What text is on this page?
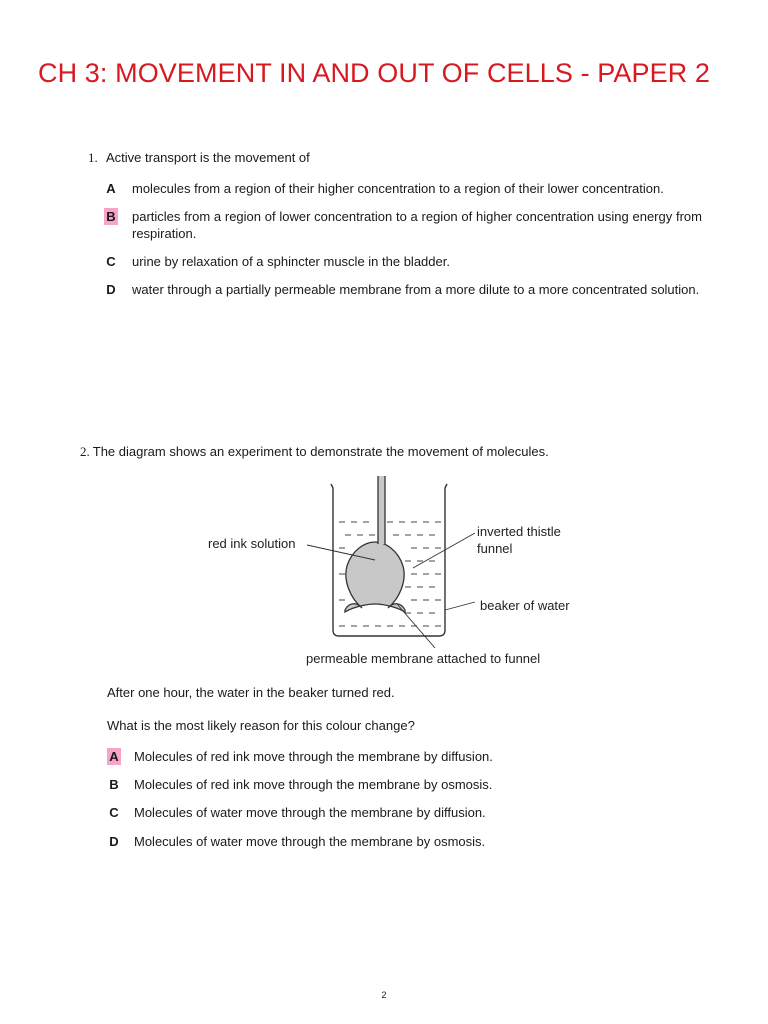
CH 3: MOVEMENT IN AND OUT OF CELLS - PAPER 2
1. Active transport is the movement of
A molecules from a region of their higher concentration to a region of their lower concentration.
B particles from a region of lower concentration to a region of higher concentration using energy from respiration.
C urine by relaxation of a sphincter muscle in the bladder.
D water through a partially permeable membrane from a more dilute to a more concentrated solution.
2. The diagram shows an experiment to demonstrate the movement of molecules.
red ink solution
inverted thistle
funnel
beaker of water
permeable membrane attached to funnel
After one hour, the water in the beaker turned red.
What is the most likely reason for this colour change?
A Molecules of red ink move through the membrane by diffusion.
B Molecules of red ink move through the membrane by osmosis.
C Molecules of water move through the membrane by diffusion.
D Molecules of water move through the membrane by osmosis.
2
